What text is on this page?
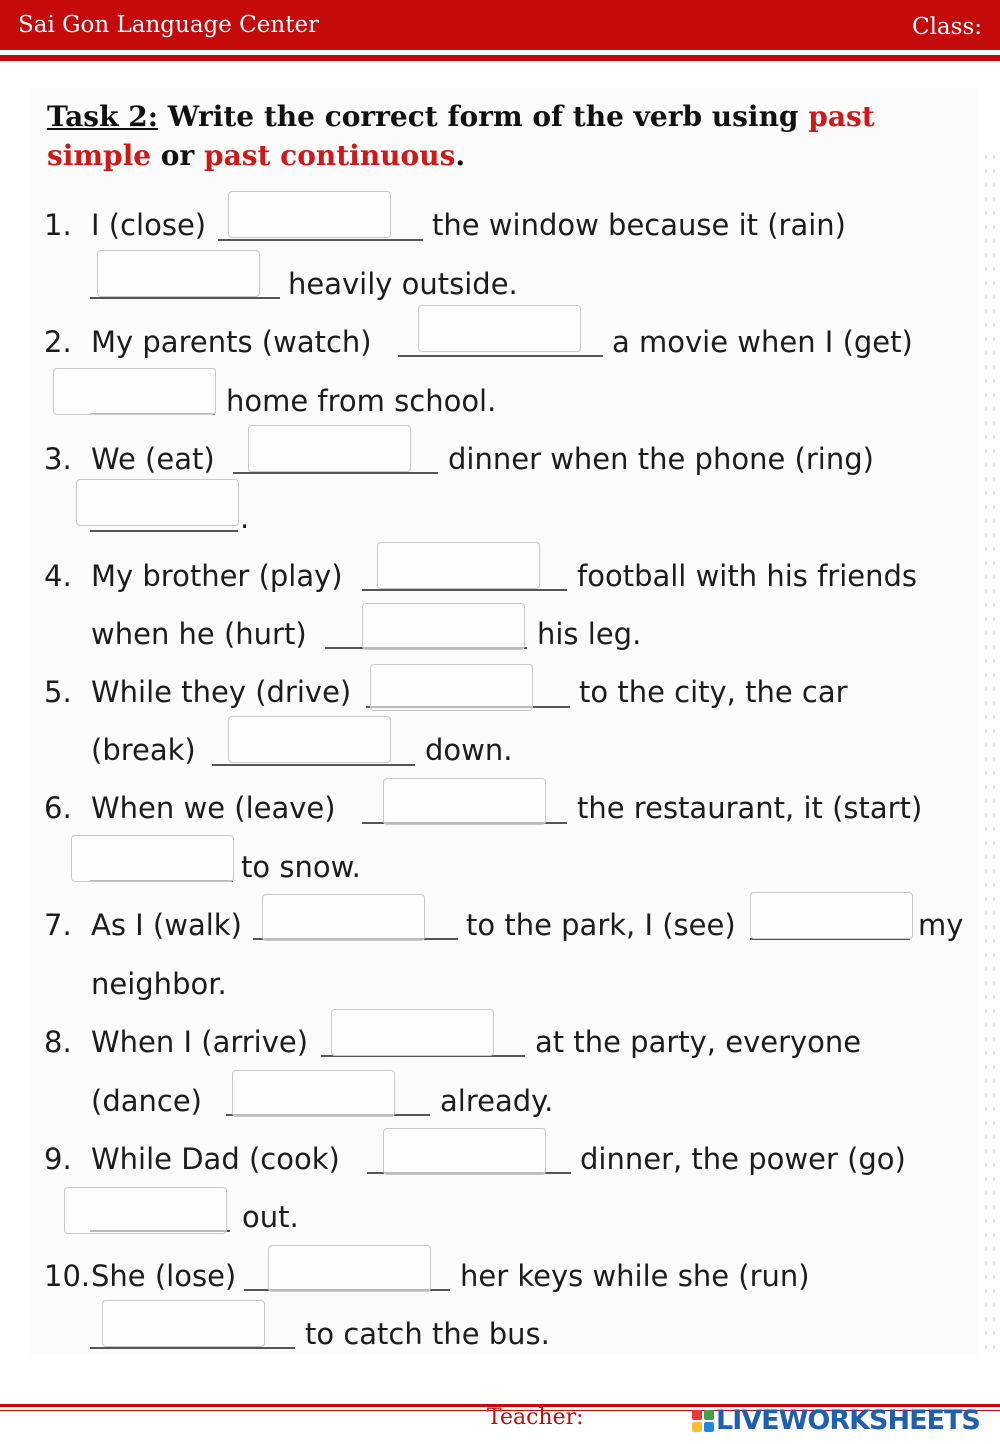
Sai Gon Language Center	Class:
Task 2: Write the correct form of the verb using past simple or past continuous.
1. I (close)	the window because it (rain)
heavily outside.
2. My parents (watch)	a movie when I (get)
home from school.
3. We (eat)	dinner when the phone (ring)
.
4. My brother (play)	football with his friends
when he (hurt)	his leg.
5. While they (drive)	to the city, the car
(break)	down.
6. When we (leave)	the restaurant, it (start)
to snow.
7. As I (walk)	to the park, I (see)	my
neighbor.
8. When I (arrive)	at the party, everyone
(dance)	already.
9. While Dad (cook)	dinner, the power (go)
out.
10. She (lose)	her keys while she (run)
to catch the bus.
Teacher:	LIVEWORKSHEETS
